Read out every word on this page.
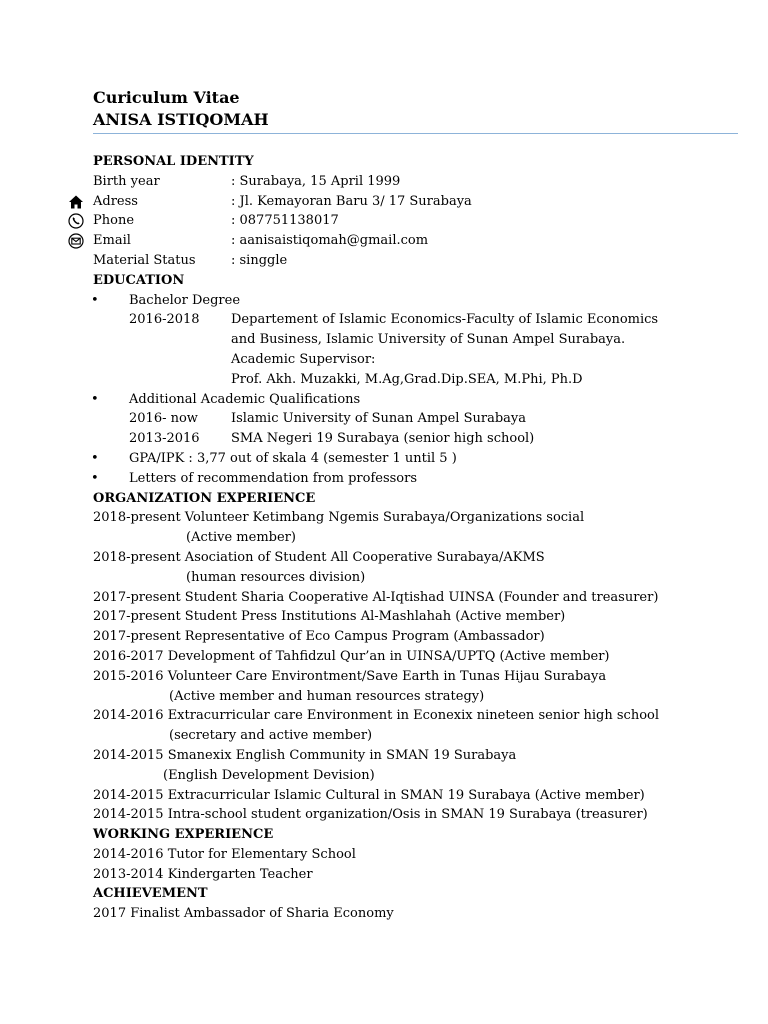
Curiculum Vitae
ANISA ISTIQOMAH
PERSONAL IDENTITY
Birth year	: Surabaya, 15 April 1999
Adress	: Jl. Kemayoran Baru 3/ 17 Surabaya
Phone	: 087751138017
Email	: aanisaistiqomah@gmail.com
Material Status	: singgle
EDUCATION
• Bachelor Degree
2016-2018 Departement of Islamic Economics-Faculty of Islamic Economics
and Business, Islamic University of Sunan Ampel Surabaya.
Academic Supervisor:
Prof. Akh. Muzakki, M.Ag,Grad.Dip.SEA, M.Phi, Ph.D
• Additional Academic Qualifications
2016- now	Islamic University of Sunan Ampel Surabaya
2013-2016 SMA Negeri 19 Surabaya (senior high school)
• GPA/IPK : 3,77 out of skala 4 (semester 1 until 5 )
• Letters of recommendation from professors
ORGANIZATION EXPERIENCE
2018-present Volunteer Ketimbang Ngemis Surabaya/Organizations social
(Active member)
2018-present Asociation of Student All Cooperative Surabaya/AKMS
(human resources division)
2017-present Student Sharia Cooperative Al-Iqtishad UINSA (Founder and treasurer)
2017-present Student Press Institutions Al-Mashlahah (Active member)
2017-present Representative of Eco Campus Program (Ambassador)
2016-2017 Development of Tahfidzul Qur’an in UINSA/UPTQ (Active member)
2015-2016 Volunteer Care Environtment/Save Earth in Tunas Hijau Surabaya
(Active member and human resources strategy)
2014-2016 Extracurricular care Environment in Econexix nineteen senior high school
(secretary and active member)
2014-2015 Smanexix English Community in SMAN 19 Surabaya
(English Development Devision)
2014-2015 Extracurricular Islamic Cultural in SMAN 19 Surabaya (Active member)
2014-2015 Intra-school student organization/Osis in SMAN 19 Surabaya (treasurer)
WORKING EXPERIENCE
2014-2016 Tutor for Elementary School
2013-2014 Kindergarten Teacher
ACHIEVEMENT
2017 Finalist Ambassador of Sharia Economy
